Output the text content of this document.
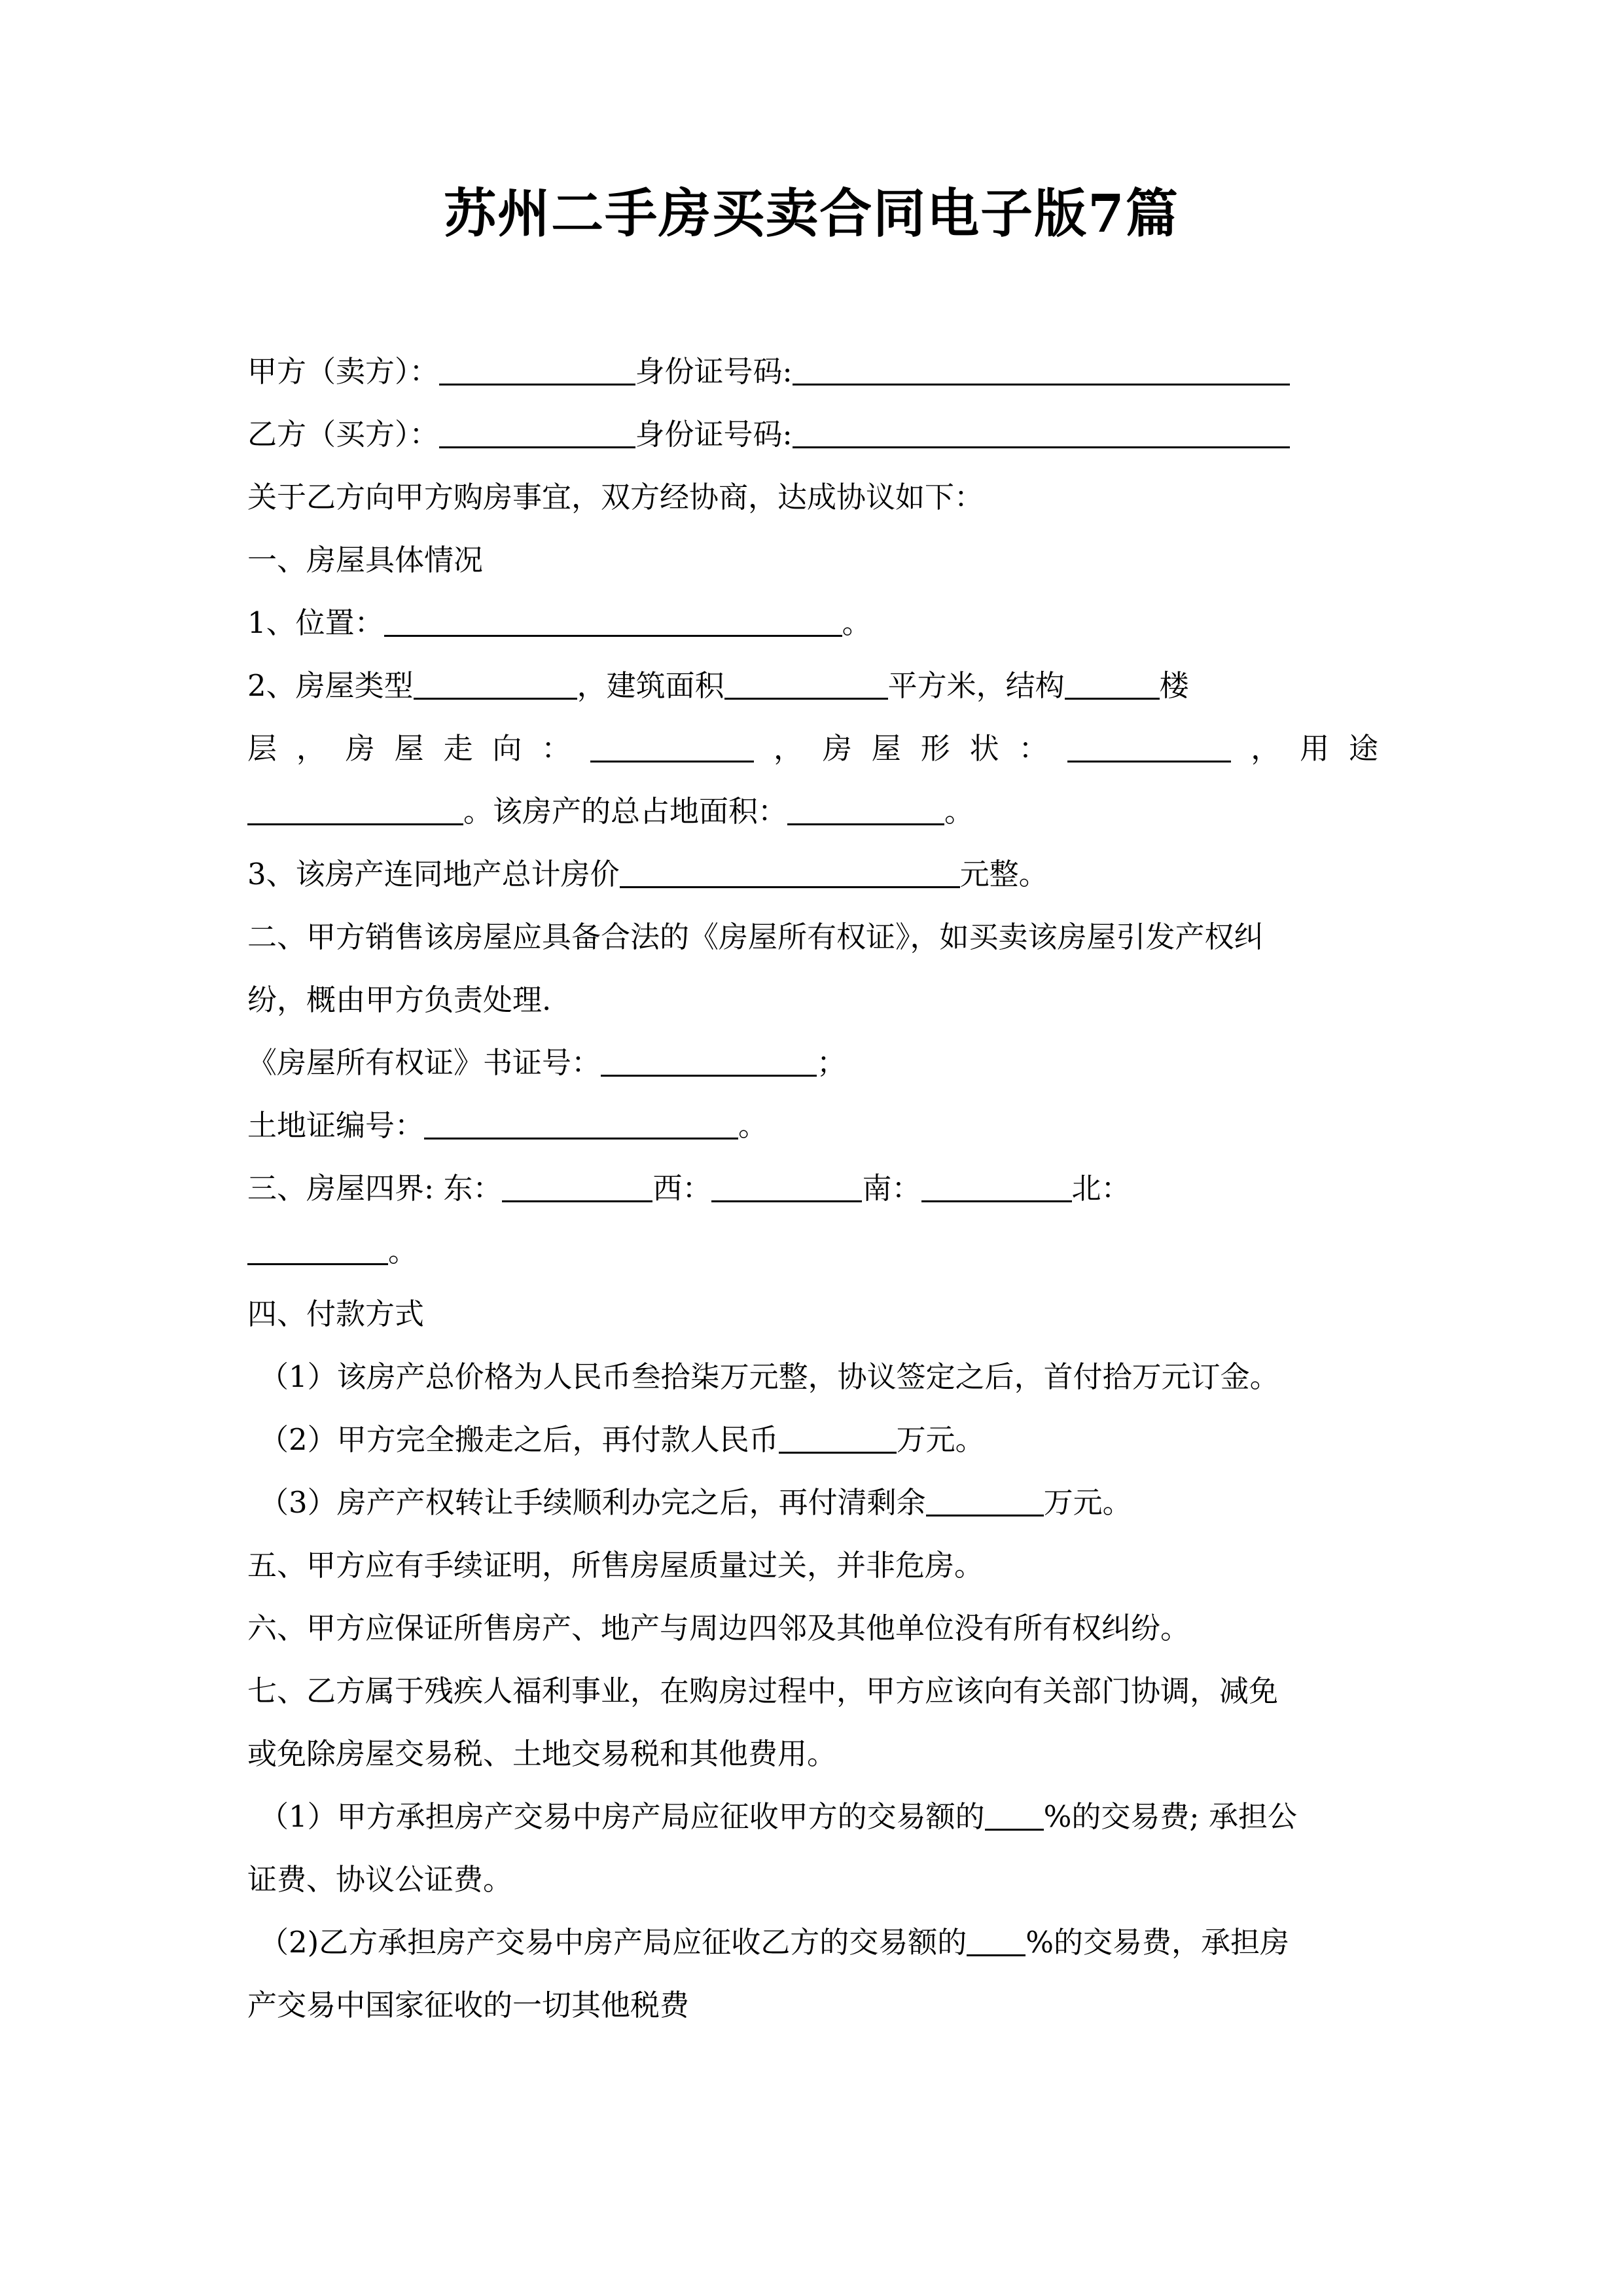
苏州二手房买卖合同电子版7篇
甲方（卖方）：	身份证号码:
乙方（买方）：	身份证号码:
关于乙方向甲方购房事宜，双方经协商，达成协议如下：
一、房屋具体情况
1、位置：	。
2、房屋类型	，建筑面积	平方米，结构	楼
层，房屋走向：	，房屋形状：	，用途
。该房产的总占地面积：	。
3、该房产连同地产总计房价	元整。
二、甲方销售该房屋应具备合法的《房屋所有权证》，如买卖该房屋引发产权纠
纷，概由甲方负责处理.
《房屋所有权证》书证号：	；
土地证编号：	。
三、房屋四界: 东：	西：	南：	北：
。
四、付款方式
（1）该房产总价格为人民币叁拾柒万元整，协议签定之后，首付拾万元订金。
（2）甲方完全搬走之后，再付款人民币	万元。
（3）房产产权转让手续顺利办完之后，再付清剩余	万元。
五、甲方应有手续证明，所售房屋质量过关，并非危房。
六、甲方应保证所售房产、地产与周边四邻及其他单位没有所有权纠纷。
七、乙方属于残疾人福利事业，在购房过程中，甲方应该向有关部门协调，减免
或免除房屋交易税、土地交易税和其他费用。
（1）甲方承担房产交易中房产局应征收甲方的交易额的 %的交易费; 承担公
证费、协议公证费。
（2)乙方承担房产交易中房产局应征收乙方的交易额的 %的交易费，承担房
产交易中国家征收的一切其他税费
